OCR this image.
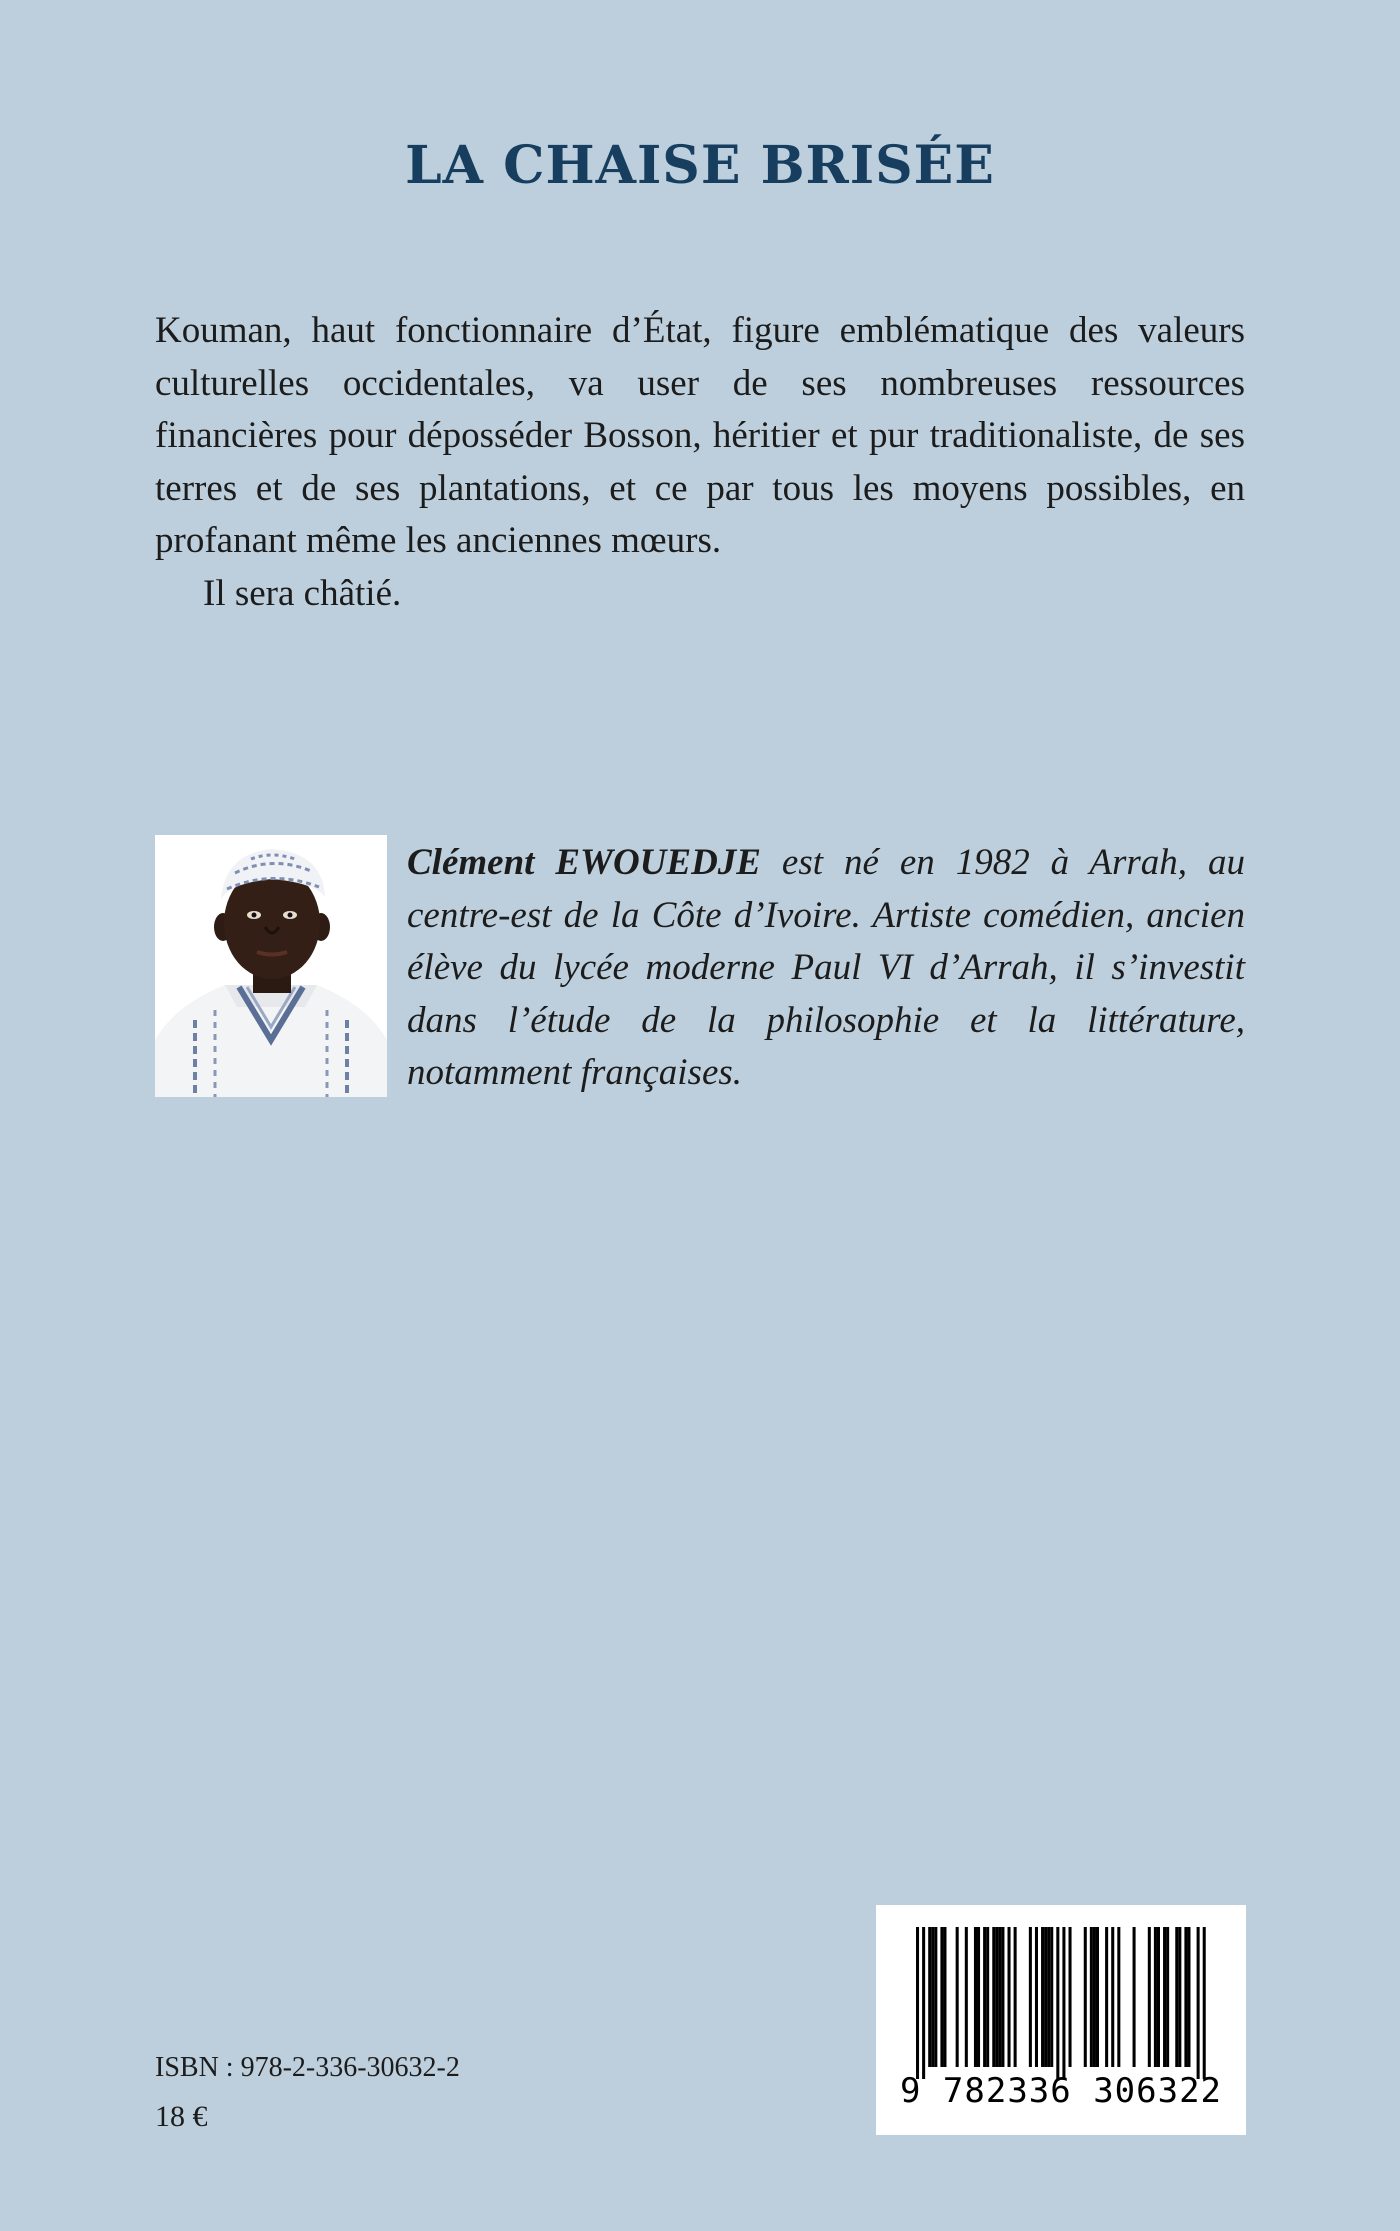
LA CHAISE BRISÉE

Kouman, haut fonctionnaire d’État, figure emblématique des valeurs culturelles occidentales, va user de ses nombreuses ressources financières pour déposséder Bosson, héritier et pur traditionaliste, de ses terres et de ses plantations, et ce par tous les moyens possibles, en profanant même les anciennes mœurs.

Il sera châtié.

Clément EWOUEDJE est né en 1982 à Arrah, au centre-est de la Côte d’Ivoire. Artiste comédien, ancien élève du lycée moderne Paul VI d’Arrah, il s’investit dans l’étude de la philosophie et la littérature, notamment françaises.
ISBN : 978-2-336-30632-2
18 €
9 782336 306322
